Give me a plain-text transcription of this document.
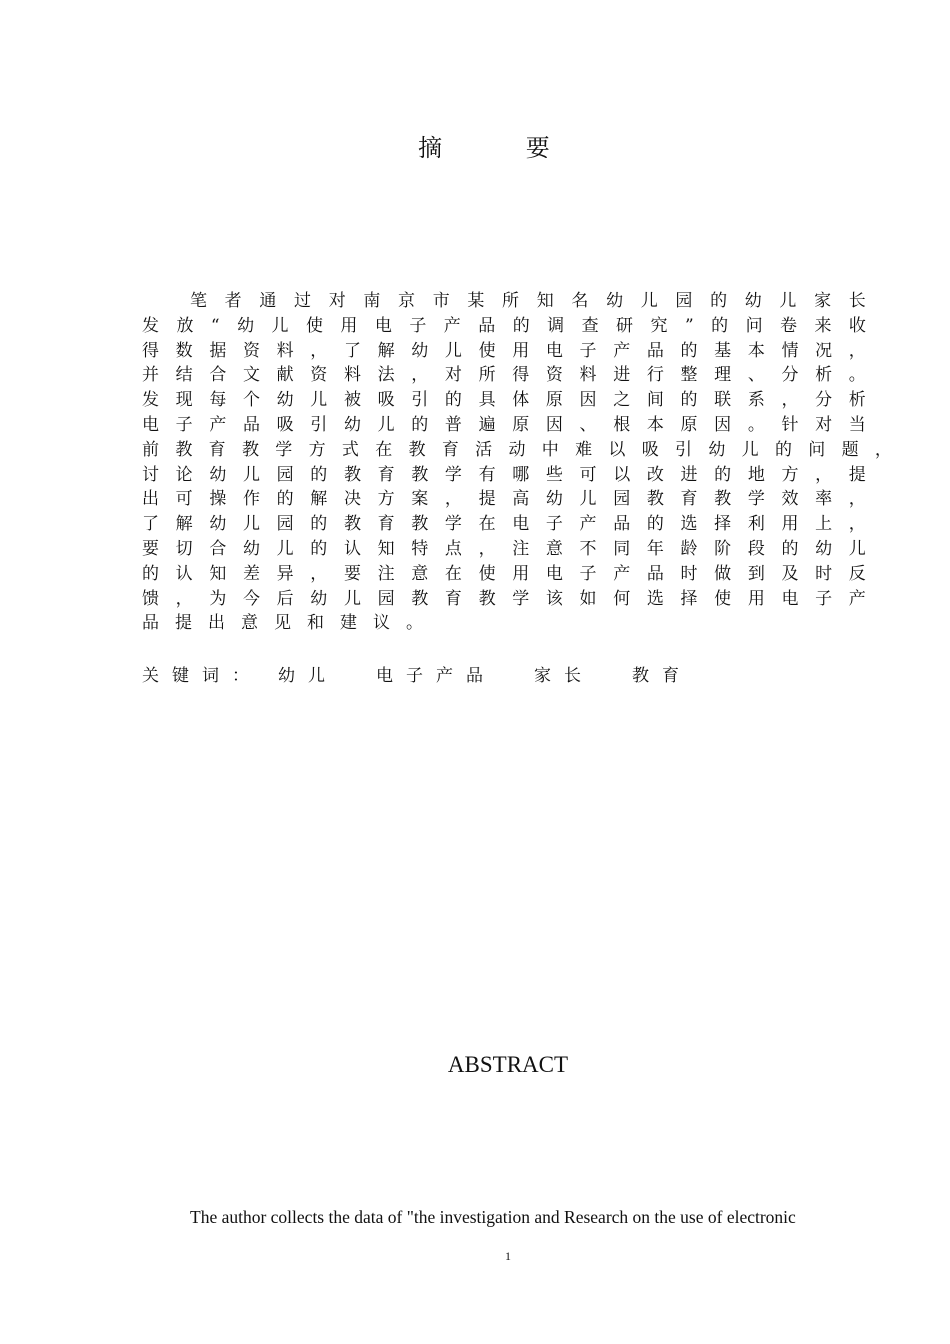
摘 要
笔 者 通 过 对 南 京 市 某 所 知 名 幼 儿 园 的 幼 儿 家 长
发 放 “ 幼 儿 使 用 电 子 产 品 的 调 查 研 究 ” 的 问 卷 来 收
得 数 据 资 料 ， 了 解 幼 儿 使 用 电 子 产 品 的 基 本 情 况 ，
并 结 合 文 献 资 料 法 ， 对 所 得 资 料 进 行 整 理 、 分 析 。
发 现 每 个 幼 儿 被 吸 引 的 具 体 原 因 之 间 的 联 系 ， 分 析
电 子 产 品 吸 引 幼 儿 的 普 遍 原 因 、 根 本 原 因 。 针 对 当
前 教 育 教 学 方 式 在 教 育 活 动 中 难 以 吸 引 幼 儿 的 问 题 ，
讨 论 幼 儿 园 的 教 育 教 学 有 哪 些 可 以 改 进 的 地 方 ， 提
出 可 操 作 的 解 决 方 案 ， 提 高 幼 儿 园 教 育 教 学 效 率 ，
了 解 幼 儿 园 的 教 育 教 学 在 电 子 产 品 的 选 择 利 用 上 ，
要 切 合 幼 儿 的 认 知 特 点 ， 注 意 不 同 年 龄 阶 段 的 幼 儿
的 认 知 差 异 ， 要 注 意 在 使 用 电 子 产 品 时 做 到 及 时 反
馈 ， 为 今 后 幼 儿 园 教 育 教 学 该 如 何 选 择 使 用 电 子 产
品 提 出 意 见 和 建 议 。
关键词： 幼儿 电子产品 家长 教育
ABSTRACT
The author collects the data of "the investigation and Research on the use of electronic
1
